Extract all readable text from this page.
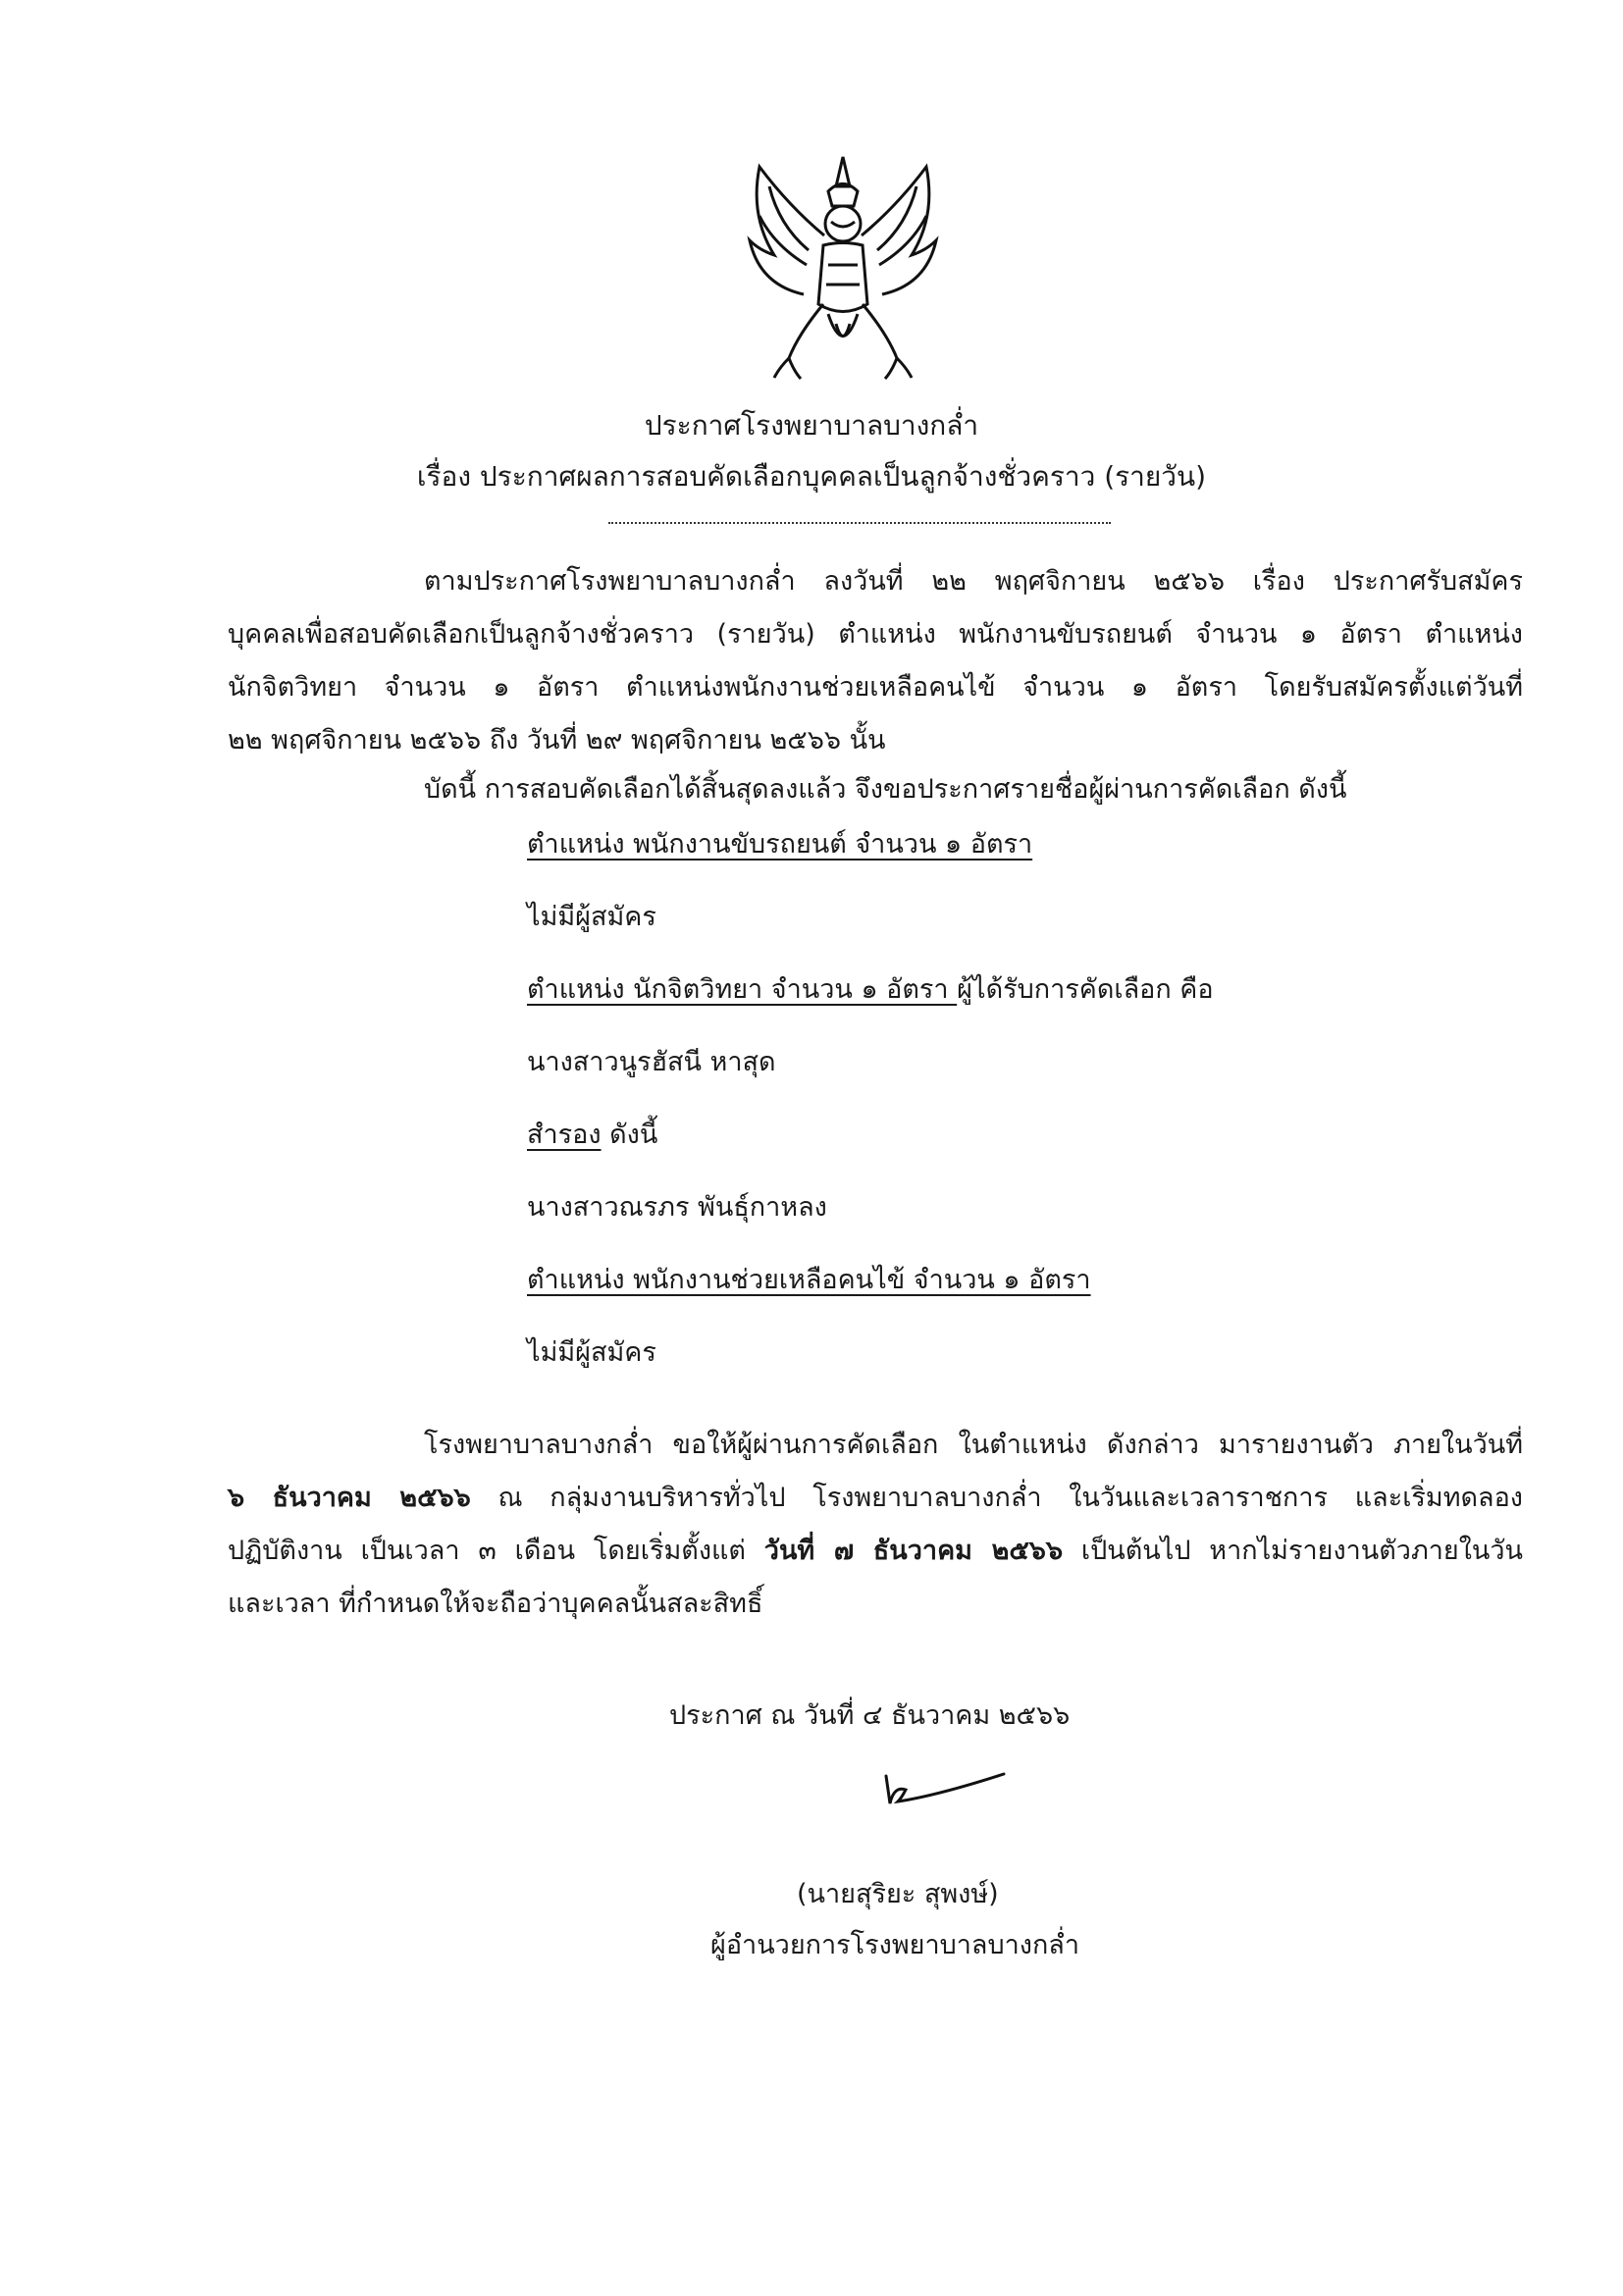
ประกาศโรงพยาบาลบางกล่ำ
เรื่อง ประกาศผลการสอบคัดเลือกบุคคลเป็นลูกจ้างชั่วคราว (รายวัน)
ตามประกาศโรงพยาบาลบางกล่ำ ลงวันที่ ๒๒ พฤศจิกายน ๒๕๖๖ เรื่อง ประกาศรับสมัคร
บุคคลเพื่อสอบคัดเลือกเป็นลูกจ้างชั่วคราว (รายวัน) ตำแหน่ง พนักงานขับรถยนต์ จำนวน ๑ อัตรา ตำแหน่ง
นักจิตวิทยา จำนวน ๑ อัตรา ตำแหน่งพนักงานช่วยเหลือคนไข้ จำนวน ๑ อัตรา โดยรับสมัครตั้งแต่วันที่

๒๒ พฤศจิกายน ๒๕๖๖ ถึง วันที่ ๒๙ พฤศจิกายน ๒๕๖๖ นั้น
บัดนี้ การสอบคัดเลือกได้สิ้นสุดลงแล้ว จึงขอประกาศรายชื่อผู้ผ่านการคัดเลือก ดังนี้
ตำแหน่ง พนักงานขับรถยนต์ จำนวน ๑ อัตรา
ไม่มีผู้สมัคร
ตำแหน่ง นักจิตวิทยา จำนวน ๑ อัตรา ผู้ได้รับการคัดเลือก คือ
นางสาวนูรฮัสนี หาสุด
สำรอง ดังนี้
นางสาวณรภร พันธุ์กาหลง
ตำแหน่ง พนักงานช่วยเหลือคนไข้ จำนวน ๑ อัตรา
ไม่มีผู้สมัคร
โรงพยาบาลบางกล่ำ ขอให้ผู้ผ่านการคัดเลือก ในตำแหน่ง ดังกล่าว มารายงานตัว ภายในวันที่
๖ ธันวาคม ๒๕๖๖ ณ กลุ่มงานบริหารทั่วไป โรงพยาบาลบางกล่ำ ในวันและเวลาราชการ และเริ่มทดลอง
ปฏิบัติงาน เป็นเวลา ๓ เดือน โดยเริ่มตั้งแต่ วันที่ ๗ ธันวาคม ๒๕๖๖ เป็นต้นไป หากไม่รายงานตัวภายในวัน

และเวลา ที่กำหนดให้จะถือว่าบุคคลนั้นสละสิทธิ์
ประกาศ ณ วันที่ ๔ ธันวาคม ๒๕๖๖
(นายสุริยะ สุพงษ์)
ผู้อำนวยการโรงพยาบาลบางกล่ำ
